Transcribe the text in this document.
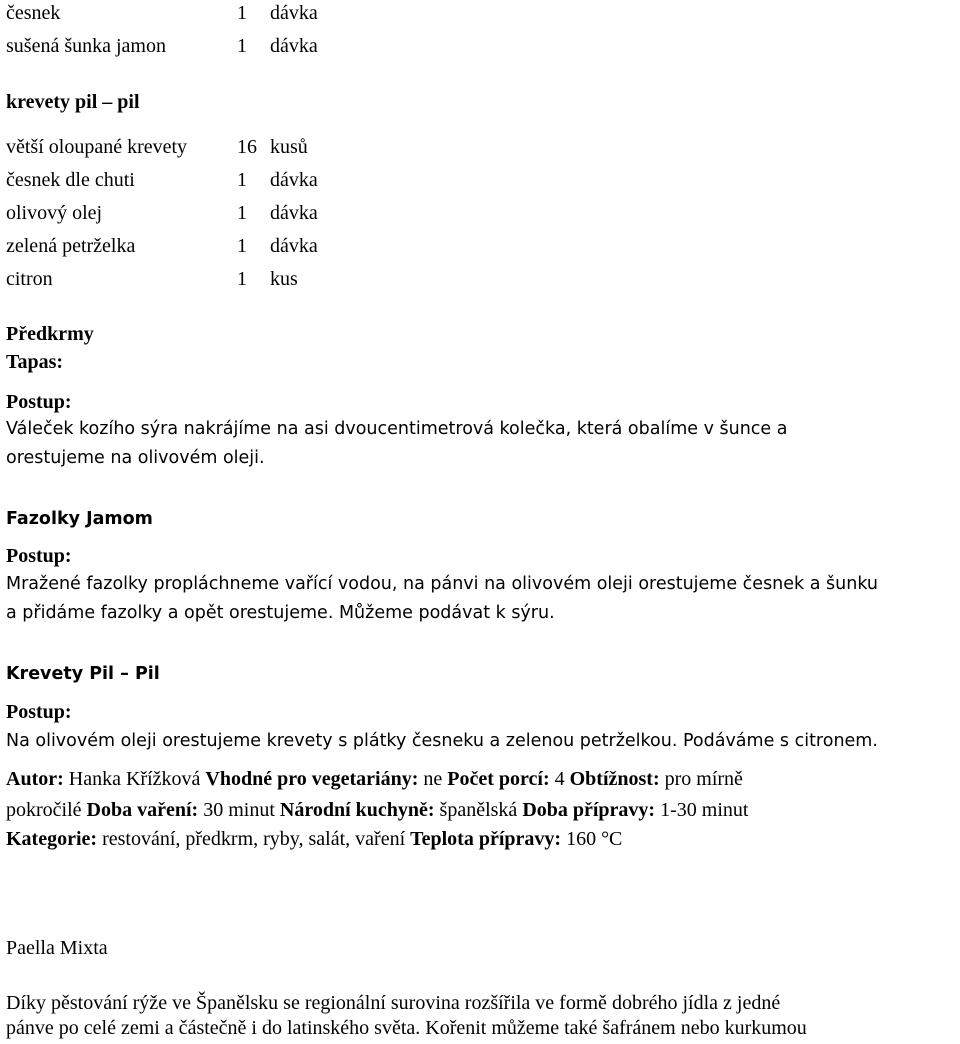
česnek	1 dávka
sušená šunka jamon	1 dávka
krevety pil – pil
větší oloupané krevety 16 kusů
česnek dle chuti	1 dávka
olivový olej	1 dávka
zelená petrželka	1 dávka
citron	1 kus
Předkrmy
Tapas:
Postup:
Váleček kozího sýra nakrájíme na asi dvoucentimetrová kolečka, která obalíme v šunce a
orestujeme na olivovém oleji.
Fazolky Jamom
Postup:
Mražené fazolky propláchneme vařící vodou, na pánvi na olivovém oleji orestujeme česnek a šunku
a přidáme fazolky a opět orestujeme. Můžeme podávat k sýru.
Krevety Pil – Pil
Postup:
Na olivovém oleji orestujeme krevety s plátky česneku a zelenou petrželkou. Podáváme s citronem.
Autor: Hanka Křížková Vhodné pro vegetariány: ne Počet porcí: 4 Obtížnost: pro mírně
pokročilé Doba vaření: 30 minut Národní kuchyně: španělská Doba přípravy: 1-30 minut
Kategorie: restování, předkrm, ryby, salát, vaření Teplota přípravy: 160 °C
Paella Mixta
Díky pěstování rýže ve Španělsku se regionální surovina rozšířila ve formě dobrého jídla z jedné
pánve po celé zemi a částečně i do latinského světa. Kořenit můžeme také šafránem nebo kurkumou
